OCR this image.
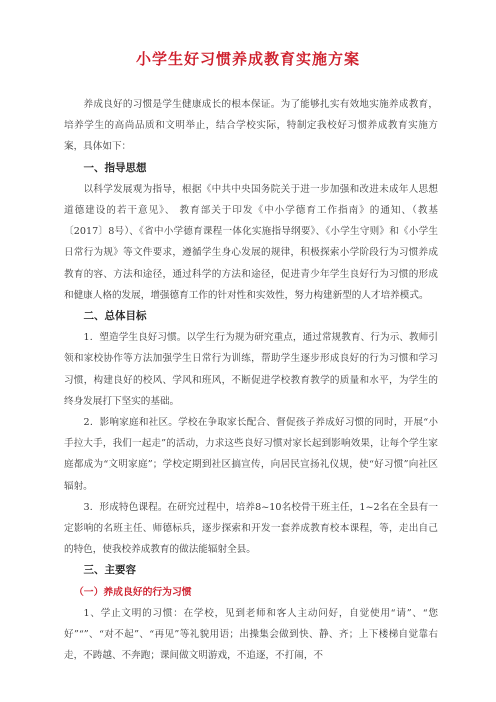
小学生好习惯养成教育实施方案

养成良好的习惯是学生健康成长的根本保证。为了能够扎实有效地实施养成教育，培养学生的高尚品质和文明举止，结合学校实际，特制定我校好习惯养成教育实施方案，具体如下：

一、指导思想

以科学发展观为指导，根据《中共中央国务院关于进一步加强和改进未成年人思想道德建设的若干意见》、 教育部关于印发《中小学德育工作指南》的通知、（教基〔2017〕8号）、《省中小学德育课程一体化实施指导纲要》、《小学生守则》和《小学生日常行为规》等文件要求，遵循学生身心发展的规律，积极探索小学阶段行为习惯养成教育的容、方法和途径，通过科学的方法和途径，促进青少年学生良好行为习惯的形成和健康人格的发展，增强德育工作的针对性和实效性，努力构建新型的人才培养模式。

二、总体目标

1．塑造学生良好习惯。以学生行为规为研究重点，通过常规教育、行为示、教师引领和家校协作等方法加强学生日常行为训练，帮助学生逐步形成良好的行为习惯和学习习惯，构建良好的校风、学风和班风，不断促进学校教育教学的质量和水平，为学生的终身发展打下坚实的基础。

2．影响家庭和社区。学校在争取家长配合、督促孩子养成好习惯的同时，开展“小手拉大手，我们一起走”的活动，力求这些良好习惯对家长起到影响效果，让每个学生家庭都成为“文明家庭”；学校定期到社区搞宣传，向居民宣扬礼仪规，使“好习惯”向社区辐射。

3．形成特色课程。在研究过程中，培养8~10名校骨干班主任，1~2名在全县有一定影响的名班主任、师德标兵，逐步探索和开发一套养成教育校本课程，等，走出自己的特色，使我校养成教育的做法能辐射全县。

三、主要容
（一）养成良好的行为习惯

1、学止文明的习惯：在学校，见到老师和客人主动问好，自觉使用“请”、“您好”“”、“对不起”、“再见”等礼貌用语；出操集会做到快、静、齐；上下楼梯自觉靠右走，不踌越、不奔跑；课间做文明游戏，不追逐，不打闹，不
